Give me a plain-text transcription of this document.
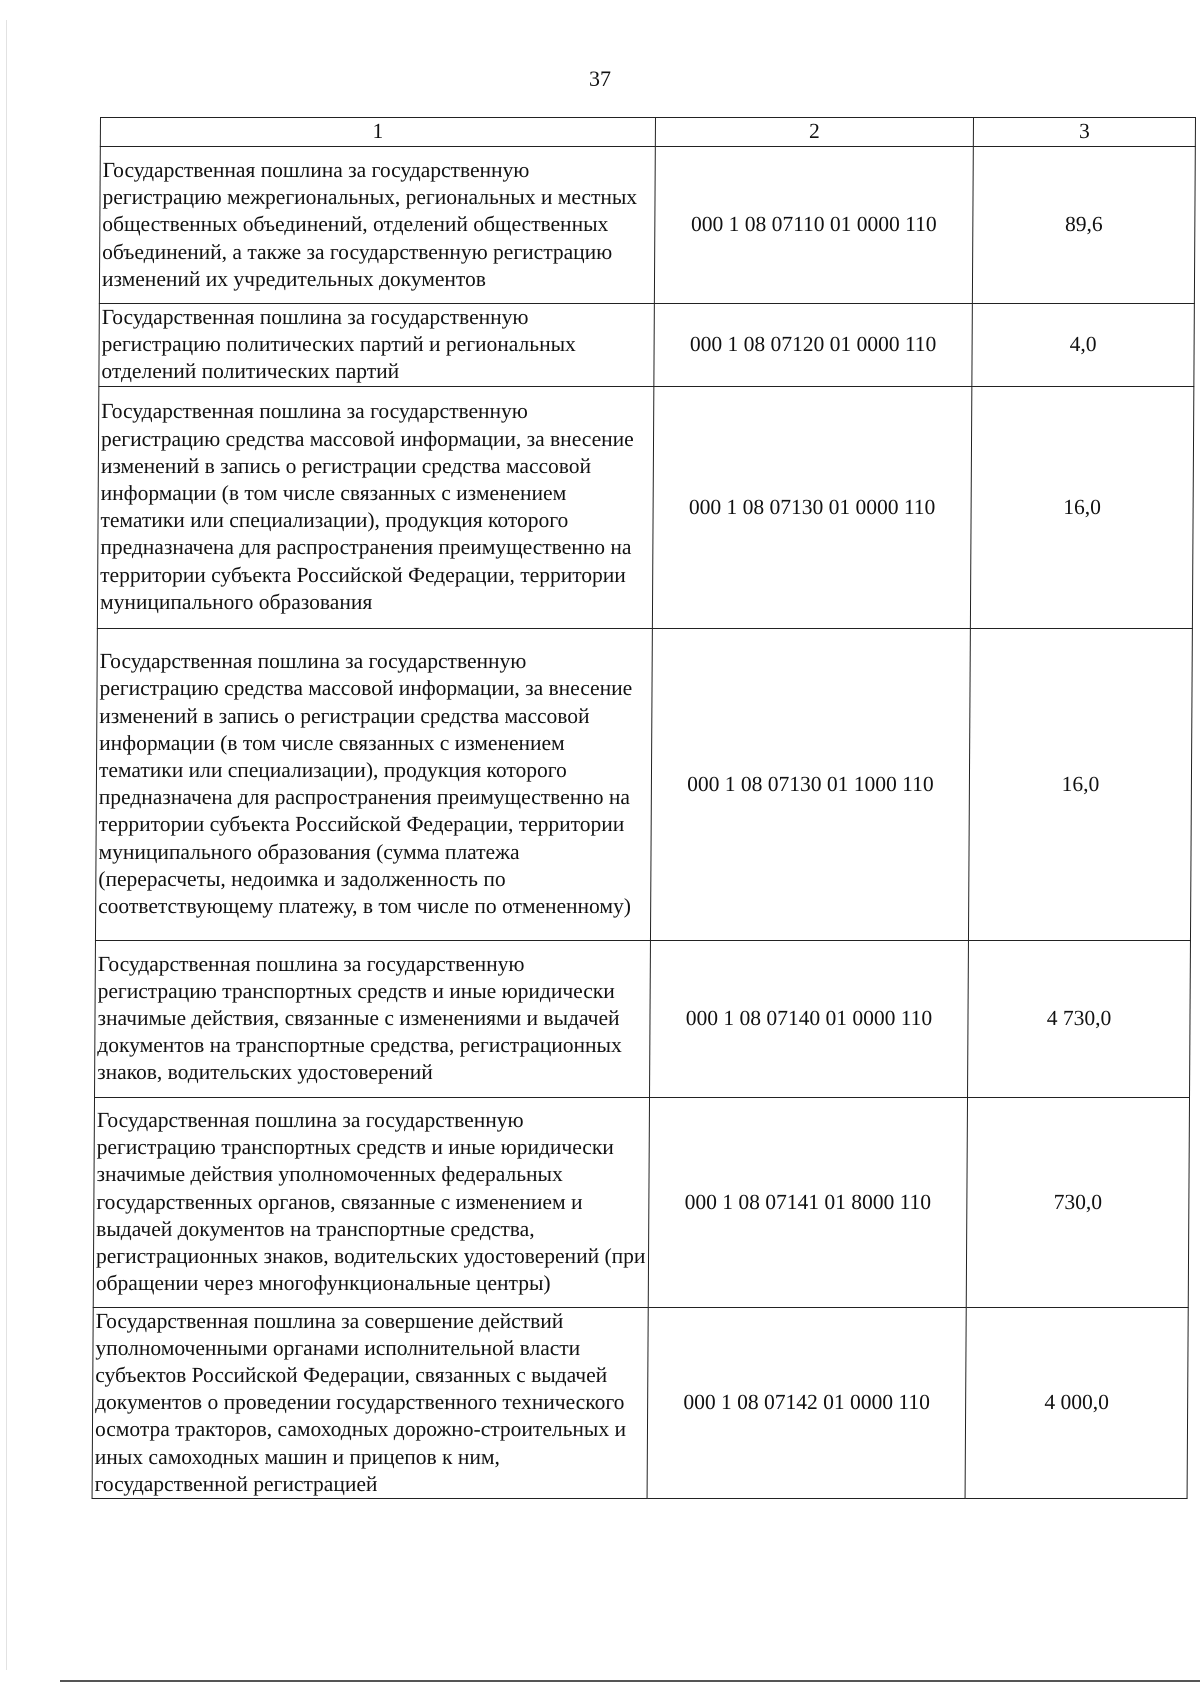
37
1	2	3
Государственная пошлина за государственную регистрацию межрегиональных, региональных и местных общественных объединений, отделений общественных объединений, а также за государственную регистрацию изменений их учредительных документов	000 1 08 07110 01 0000 110	89,6
Государственная пошлина за государственную регистрацию политических партий и региональных отделений политических партий	000 1 08 07120 01 0000 110	4,0
Государственная пошлина за государственную регистрацию средства массовой информации, за внесение изменений в запись о регистрации средства массовой информации (в том числе связанных с изменением тематики или специализации), продукция которого предназначена для распространения преимущественно на территории субъекта Российской Федерации, территории муниципального образования	000 1 08 07130 01 0000 110	16,0
Государственная пошлина за государственную регистрацию средства массовой информации, за внесение изменений в запись о регистрации средства массовой информации (в том числе связанных с изменением тематики или специализации), продукция которого предназначена для распространения преимущественно на территории субъекта Российской Федерации, территории муниципального образования (сумма платежа (перерасчеты, недоимка и задолженность по соответствующему платежу, в том числе по отмененному)	000 1 08 07130 01 1000 110	16,0
Государственная пошлина за государственную регистрацию транспортных средств и иные юридически значимые действия, связанные с изменениями и выдачей документов на транспортные средства, регистрационных знаков, водительских удостоверений	000 1 08 07140 01 0000 110	4 730,0
Государственная пошлина за государственную регистрацию транспортных средств и иные юридически значимые действия уполномоченных федеральных государственных органов, связанные с изменением и выдачей документов на транспортные средства, регистрационных знаков, водительских удостоверений (при обращении через многофункциональные центры)	000 1 08 07141 01 8000 110	730,0
Государственная пошлина за совершение действий уполномоченными органами исполнительной власти субъектов Российской Федерации, связанных с выдачей документов о проведении государственного технического осмотра тракторов, самоходных дорожно-строительных и иных самоходных машин и прицепов к ним, государственной регистрацией	000 1 08 07142 01 0000 110	4 000,0
